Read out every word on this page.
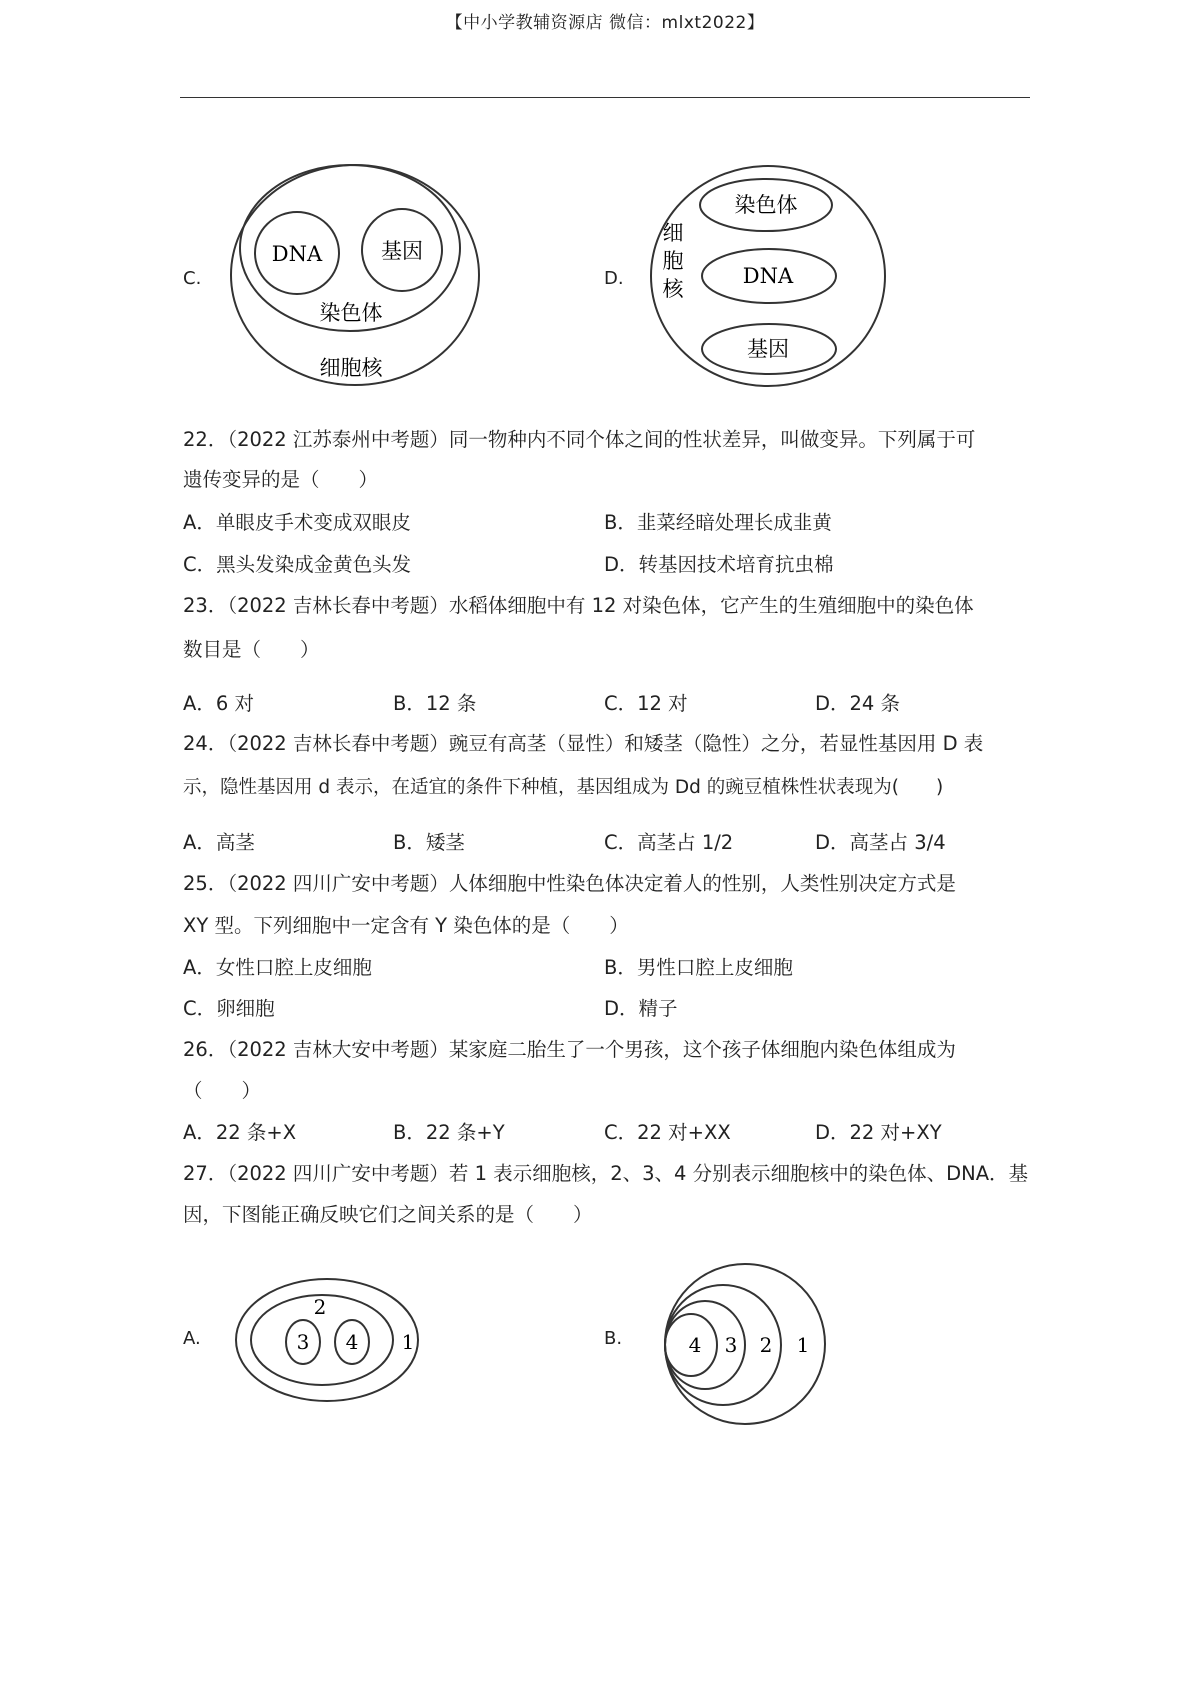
【中小学教辅资源店 微信：mlxt2022】
C.
DNA	基因
染色体
细胞核
D.
染色体
DNA
基因
细
胞
核
22．（2022 江苏泰州中考题）同一物种内不同个体之间的性状差异，叫做变异。下列属于可
遗传变异的是（　　）
A．单眼皮手术变成双眼皮	B．韭菜经暗处理长成韭黄
C．黑头发染成金黄色头发	D．转基因技术培育抗虫棉
23．（2022 吉林长春中考题）水稻体细胞中有 12 对染色体，它产生的生殖细胞中的染色体
数目是（　　）
A．6 对	B．12 条	C．12 对	D．24 条
24．（2022 吉林长春中考题）豌豆有高茎（显性）和矮茎（隐性）之分，若显性基因用 D 表
示，隐性基因用 d 表示，在适宜的条件下种植，基因组成为 Dd 的豌豆植株性状表现为(　　)
A．高茎	B．矮茎	C．高茎占 1/2	D．高茎占 3/4
25．（2022 四川广安中考题）人体细胞中性染色体决定着人的性别，人类性别决定方式是
XY 型。下列细胞中一定含有 Y 染色体的是（　　）
A．女性口腔上皮细胞	B．男性口腔上皮细胞
C．卵细胞	D．精子
26．（2022 吉林大安中考题）某家庭二胎生了一个男孩，这个孩子体细胞内染色体组成为
（　　）
A．22 条+X	B．22 条+Y	C．22 对+XX	D．22 对+XY
27．（2022 四川广安中考题）若 1 表示细胞核，2、3、4 分别表示细胞核中的染色体、DNA．基
因，下图能正确反映它们之间关系的是（　　）
A.
2
3 4 1	B.	4 3 2 1
